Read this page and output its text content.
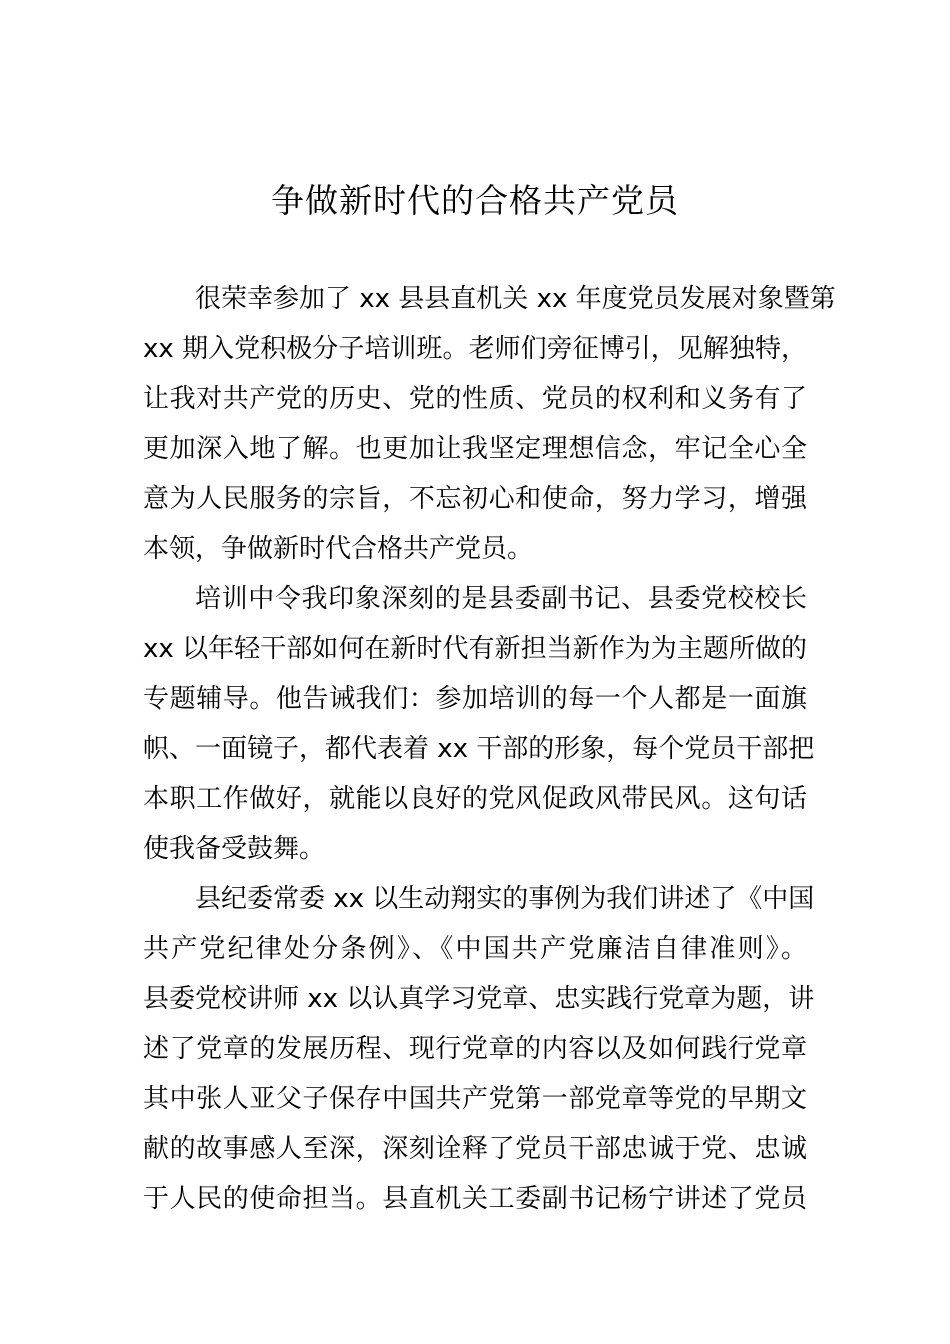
争做新时代的合格共产党员
很荣幸参加了 xx 县县直机关 xx 年度党员发展对象暨第
xx 期入党积极分子培训班。老师们旁征博引，见解独特，
让我对共产党的历史、党的性质、党员的权利和义务有了
更加深入地了解。也更加让我坚定理想信念，牢记全心全
意为人民服务的宗旨，不忘初心和使命，努力学习，增强
本领，争做新时代合格共产党员。
培训中令我印象深刻的是县委副书记、县委党校校长
xx 以年轻干部如何在新时代有新担当新作为为主题所做的
专题辅导。他告诫我们：参加培训的每一个人都是一面旗
帜、一面镜子，都代表着 xx 干部的形象，每个党员干部把
本职工作做好，就能以良好的党风促政风带民风。这句话
使我备受鼓舞。
县纪委常委 xx 以生动翔实的事例为我们讲述了《中国
共产党纪律处分条例》、《中国共产党廉洁自律准则》。
县委党校讲师 xx 以认真学习党章、忠实践行党章为题，讲
述了党章的发展历程、现行党章的内容以及如何践行党章
其中张人亚父子保存中国共产党第一部党章等党的早期文
献的故事感人至深，深刻诠释了党员干部忠诚于党、忠诚
于人民的使命担当。县直机关工委副书记杨宁讲述了党员
